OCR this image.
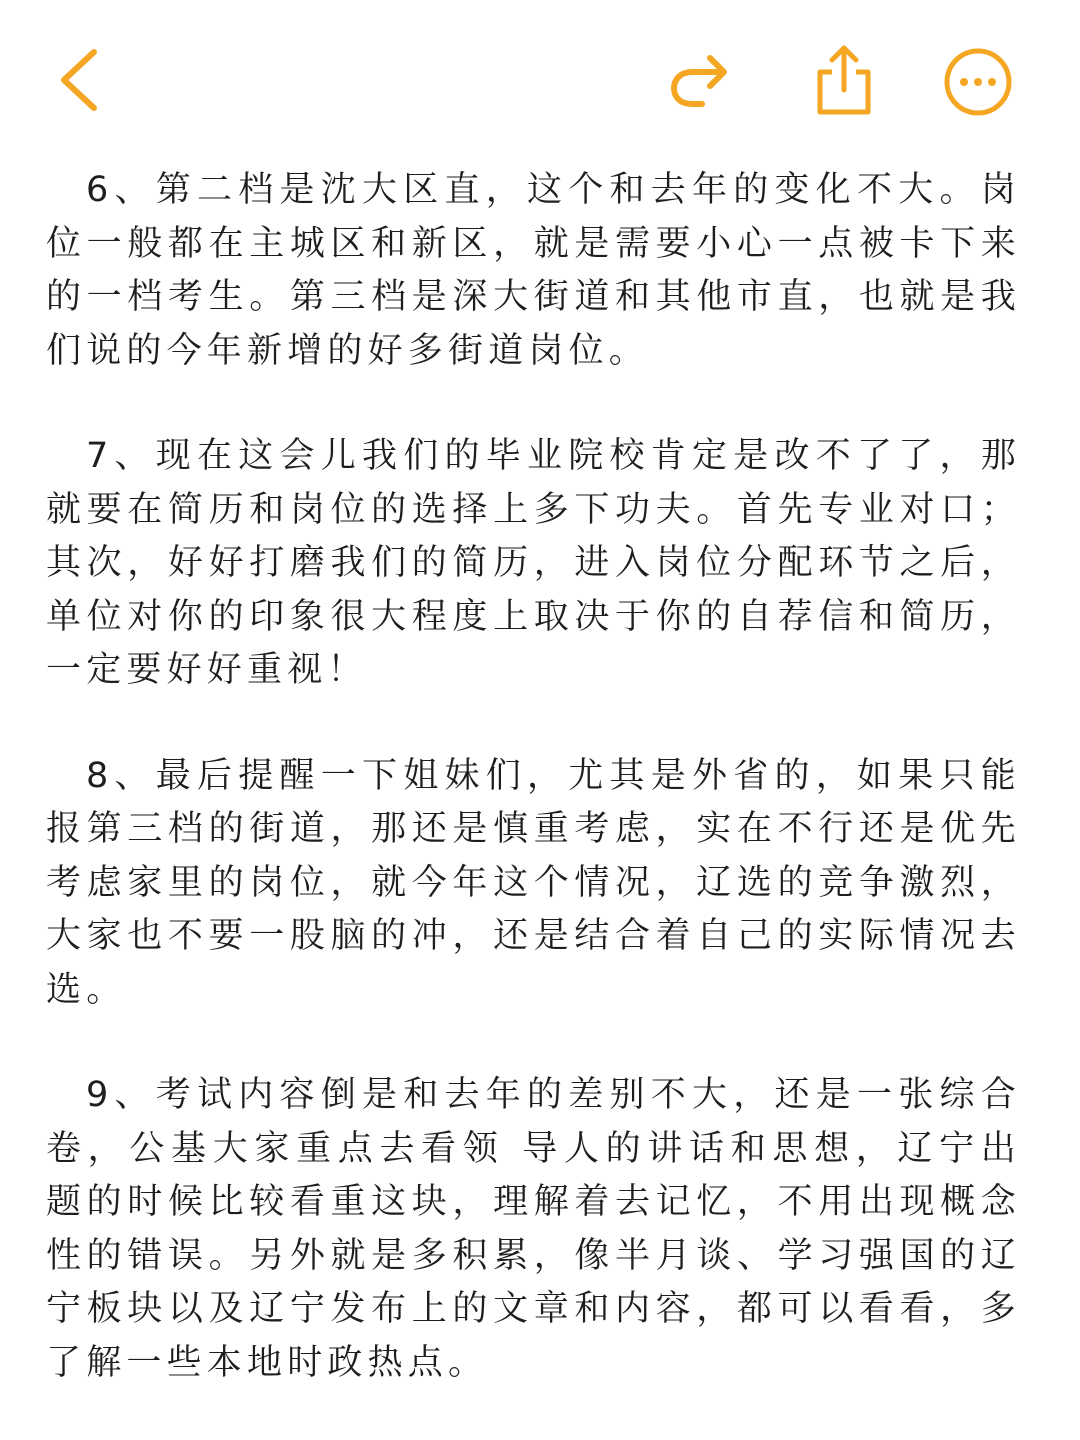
6、第二档是沈大区直，这个和去年的变化不大。岗位一般都在主城区和新区，就是需要小心一点被卡下来的一档考生。第三档是深大街道和其他市直，也就是我们说的今年新增的好多街道岗位。

7、现在这会儿我们的毕业院校肯定是改不了了，那就要在简历和岗位的选择上多下功夫。首先专业对口；其次，好好打磨我们的简历，进入岗位分配环节之后，单位对你的印象很大程度上取决于你的自荐信和简历，一定要好好重视！

8、最后提醒一下姐妹们，尤其是外省的，如果只能报第三档的街道，那还是慎重考虑，实在不行还是优先考虑家里的岗位，就今年这个情况，辽选的竞争激烈，大家也不要一股脑的冲，还是结合着自己的实际情况去选。

9、考试内容倒是和去年的差别不大，还是一张综合卷，公基大家重点去看领 导人的讲话和思想，辽宁出题的时候比较看重这块，理解着去记忆，不用出现概念性的错误。另外就是多积累，像半月谈、学习强国的辽宁板块以及辽宁发布上的文章和内容，都可以看看，多了解一些本地时政热点。
